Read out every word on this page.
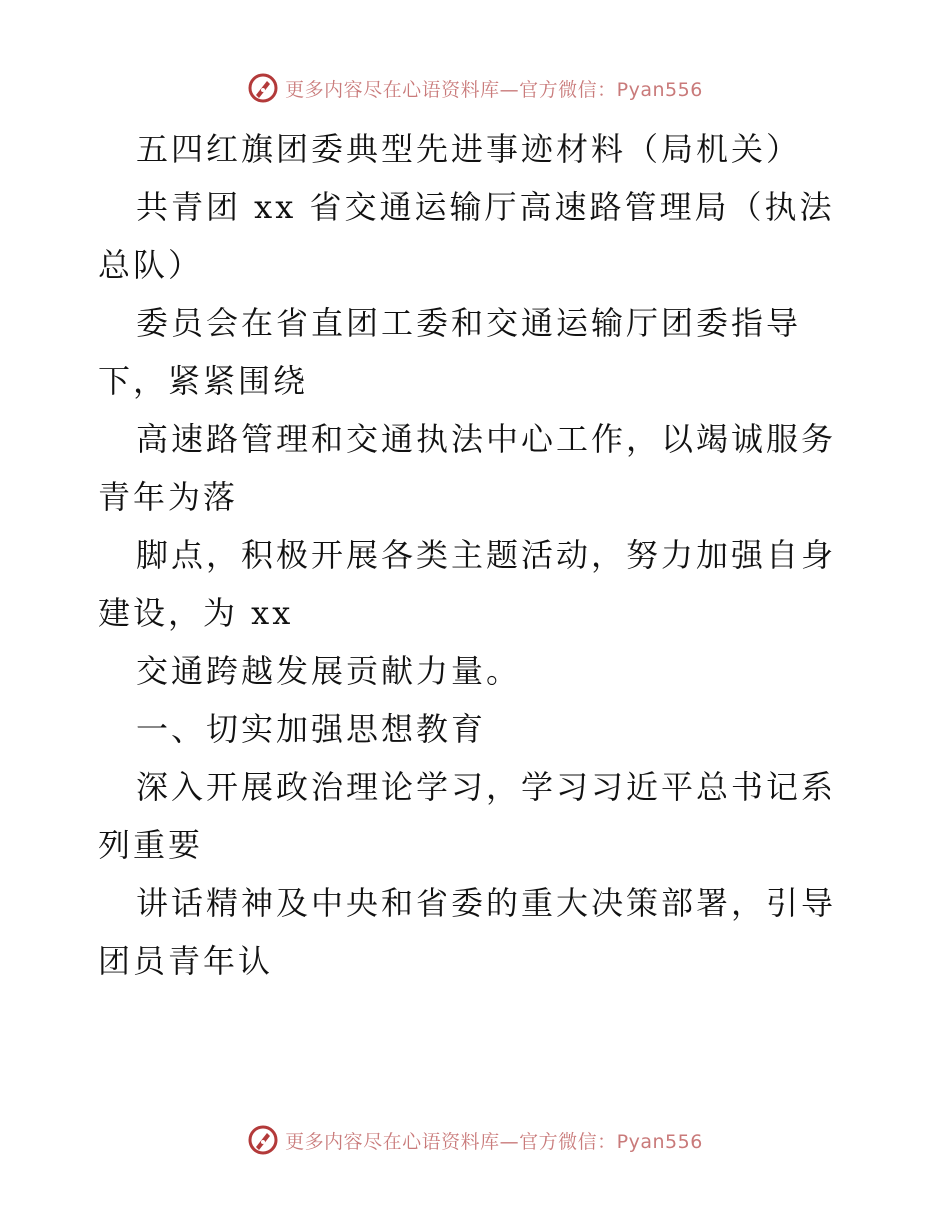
更多内容尽在心语资料库—官方微信：Pyan556

五四红旗团委典型先进事迹材料（局机关）

共青团 xx 省交通运输厅高速路管理局（执法总队）

委员会在省直团工委和交通运输厅团委指导下，紧紧围绕

高速路管理和交通执法中心工作，以竭诚服务青年为落

脚点，积极开展各类主题活动，努力加强自身建设，为 xx

交通跨越发展贡献力量。

一、切实加强思想教育

深入开展政治理论学习，学习习近平总书记系列重要

讲话精神及中央和省委的重大决策部署，引导团员青年认

更多内容尽在心语资料库—官方微信：Pyan556
